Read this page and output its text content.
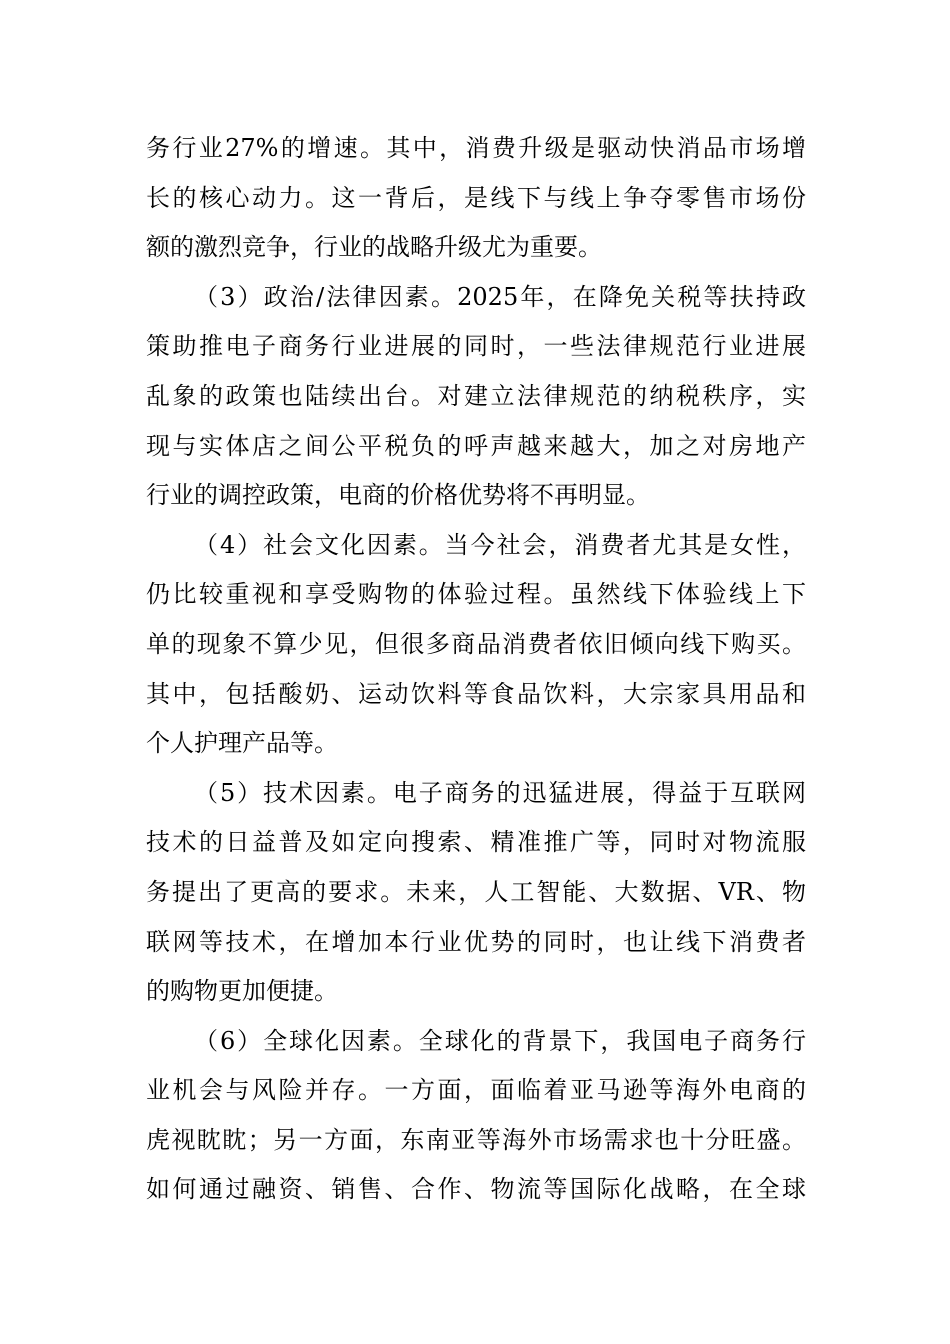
务行业27%的增速。其中，消费升级是驱动快消品市场增
长的核心动力。这一背后，是线下与线上争夺零售市场份
额的激烈竞争，行业的战略升级尤为重要。

（3）政治/法律因素。2025年，在降免关税等扶持政
策助推电子商务行业进展的同时，一些法律规范行业进展
乱象的政策也陆续出台。对建立法律规范的纳税秩序，实
现与实体店之间公平税负的呼声越来越大，加之对房地产
行业的调控政策，电商的价格优势将不再明显。

（4）社会文化因素。当今社会，消费者尤其是女性，
仍比较重视和享受购物的体验过程。虽然线下体验线上下
单的现象不算少见，但很多商品消费者依旧倾向线下购买。
其中，包括酸奶、运动饮料等食品饮料，大宗家具用品和
个人护理产品等。

（5）技术因素。电子商务的迅猛进展，得益于互联网
技术的日益普及如定向搜索、精准推广等，同时对物流服
务提出了更高的要求。未来，人工智能、大数据、VR、物
联网等技术，在增加本行业优势的同时，也让线下消费者
的购物更加便捷。

（6）全球化因素。全球化的背景下，我国电子商务行
业机会与风险并存。一方面，面临着亚马逊等海外电商的
虎视眈眈；另一方面，东南亚等海外市场需求也十分旺盛。
如何通过融资、销售、合作、物流等国际化战略，在全球
